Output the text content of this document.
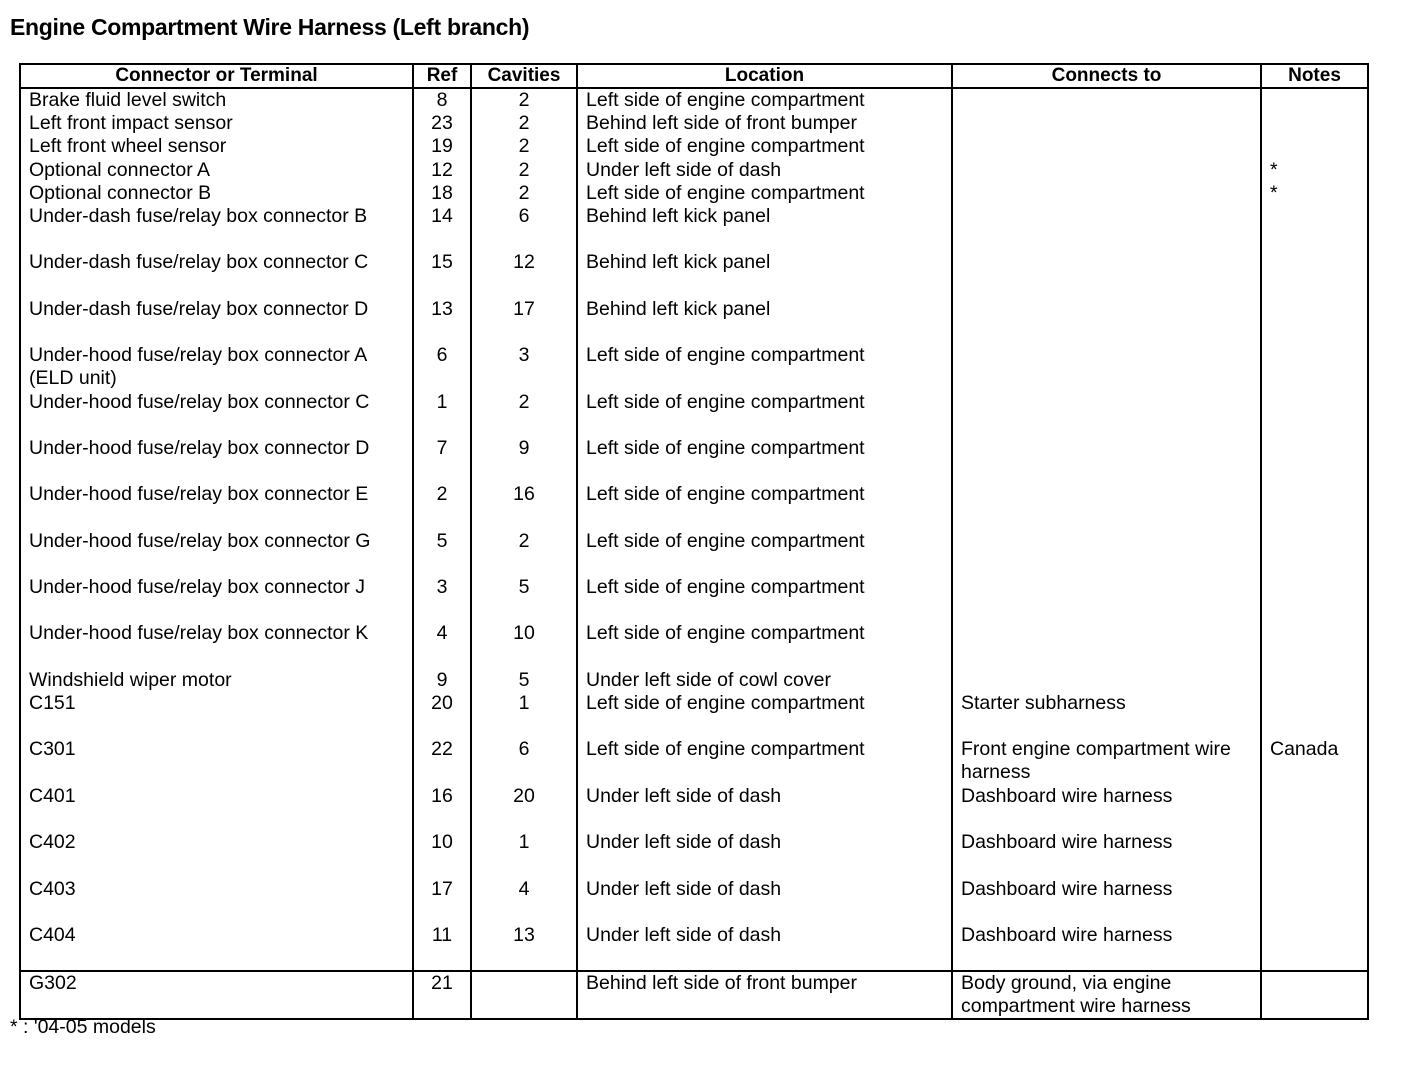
Engine Compartment Wire Harness (Left branch)
Connector or Terminal	Ref	Cavities	Location	Connects to	Notes
Brake fluid level switch	8	2	Left side of engine compartment		
Left front impact sensor	23	2	Behind left side of front bumper		
Left front wheel sensor	19	2	Left side of engine compartment		
Optional connector A	12	2	Under left side of dash		*
Optional connector B	18	2	Left side of engine compartment		*
Under-dash fuse/relay box connector B	14	6	Behind left kick panel		
Under-dash fuse/relay box connector C	15	12	Behind left kick panel		
Under-dash fuse/relay box connector D	13	17	Behind left kick panel		
Under-hood fuse/relay box connector A (ELD unit)	6	3	Left side of engine compartment		
Under-hood fuse/relay box connector C	1	2	Left side of engine compartment		
Under-hood fuse/relay box connector D	7	9	Left side of engine compartment		
Under-hood fuse/relay box connector E	2	16	Left side of engine compartment		
Under-hood fuse/relay box connector G	5	2	Left side of engine compartment		
Under-hood fuse/relay box connector J	3	5	Left side of engine compartment		
Under-hood fuse/relay box connector K	4	10	Left side of engine compartment		
Windshield wiper motor	9	5	Under left side of cowl cover		
C151	20	1	Left side of engine compartment	Starter subharness	
C301	22	6	Left side of engine compartment	Front engine compartment wire harness	Canada
C401	16	20	Under left side of dash	Dashboard wire harness	
C402	10	1	Under left side of dash	Dashboard wire harness	
C403	17	4	Under left side of dash	Dashboard wire harness	
C404	11	13	Under left side of dash	Dashboard wire harness	
G302	21		Behind left side of front bumper	Body ground, via engine compartment wire harness	
* : '04-05 models
